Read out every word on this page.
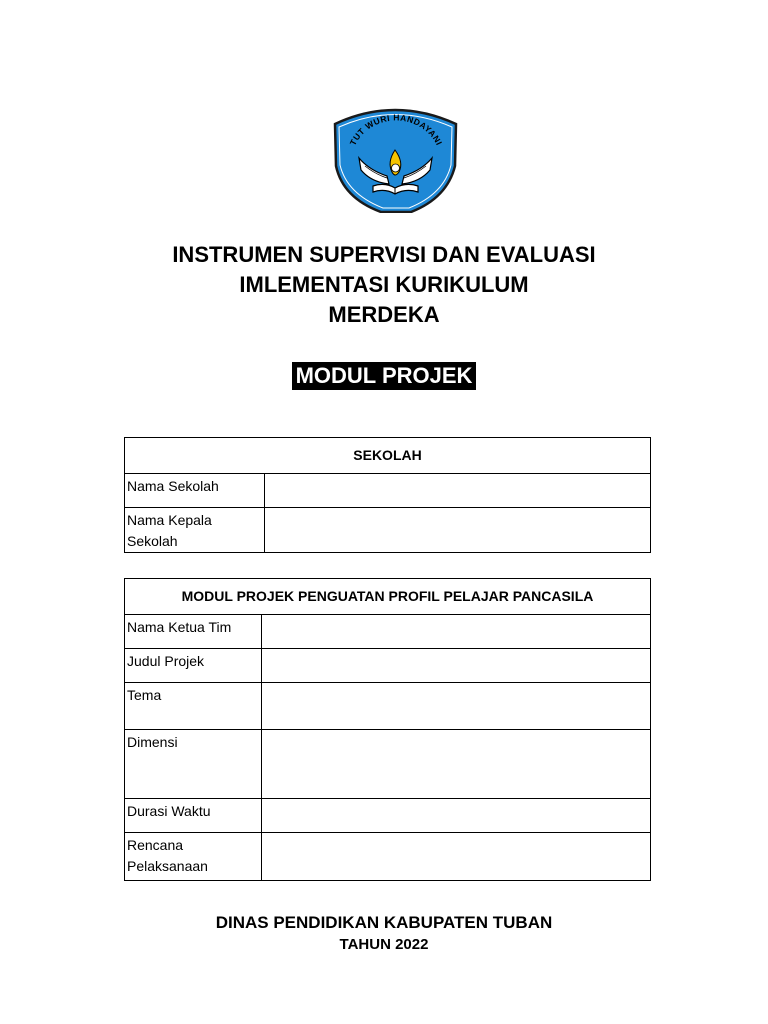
TUT WURI HANDAYANI
INSTRUMEN SUPERVISI DAN EVALUASI
IMLEMENTASI KURIKULUM
MERDEKA
MODUL PROJEK
SEKOLAH	
Nama Sekolah	
Nama Kepala Sekolah	
MODUL PROJEK PENGUATAN PROFIL PELAJAR PANCASILA	
Nama Ketua Tim	
Judul Projek	
Tema	
Dimensi	
Durasi Waktu	
Rencana Pelaksanaan	
DINAS PENDIDIKAN KABUPATEN TUBAN
TAHUN 2022
